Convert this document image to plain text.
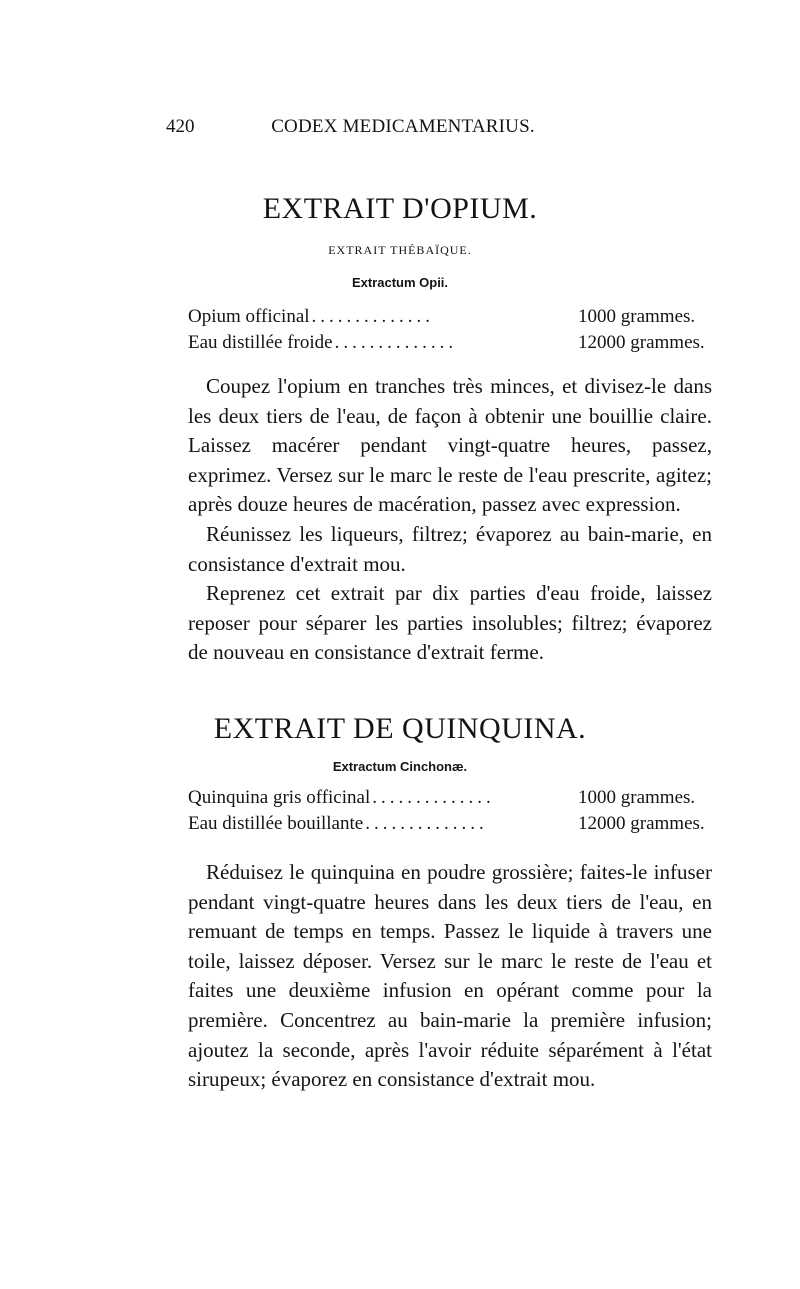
420	CODEX MEDICAMENTARIUS.
EXTRAIT D'OPIUM.
EXTRAIT THÉBAÏQUE.
Extractum Opii.
Opium officinal ..............	1000 grammes.
Eau distillée froide ..............	12000 grammes.

Coupez l'opium en tranches très minces, et divisez-le dans les deux tiers de l'eau, de façon à obtenir une bouillie claire. Laissez macérer pendant vingt-quatre heures, passez, exprimez. Versez sur le marc le reste de l'eau prescrite, agitez; après douze heures de macération, passez avec expression.

Réunissez les liqueurs, filtrez; évaporez au bain-marie, en consistance d'extrait mou.

Reprenez cet extrait par dix parties d'eau froide, laissez reposer pour séparer les parties insolubles; filtrez; évaporez de nouveau en consistance d'extrait ferme.

EXTRAIT DE QUINQUINA.
Extractum Cinchonæ.
Quinquina gris officinal ..............	1000 grammes.
Eau distillée bouillante ..............	12000 grammes.

Réduisez le quinquina en poudre grossière; faites-le infuser pendant vingt-quatre heures dans les deux tiers de l'eau, en remuant de temps en temps. Passez le liquide à travers une toile, laissez déposer. Versez sur le marc le reste de l'eau et faites une deuxième infusion en opérant comme pour la première. Concentrez au bain-marie la première infusion; ajoutez la seconde, après l'avoir réduite séparément à l'état sirupeux; évaporez en consistance d'extrait mou.
